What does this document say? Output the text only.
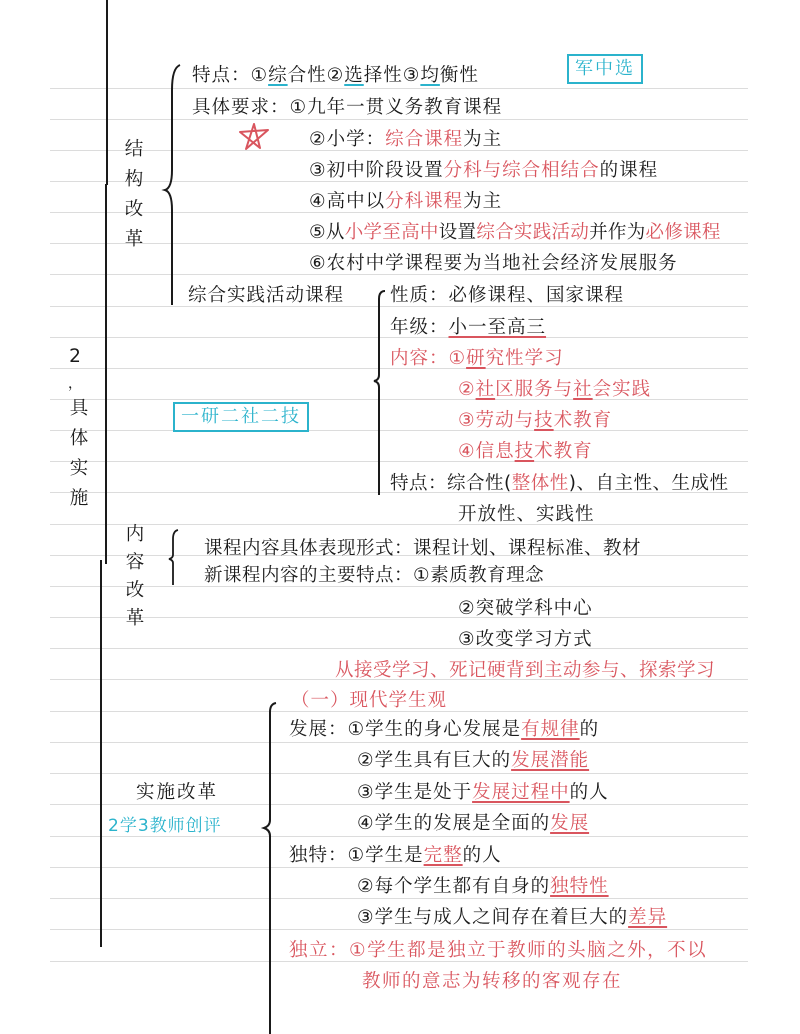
2
，
具
体
实
施
结
构
改
革
特点：①综合性②选择性③均衡性	军中选
具体要求：①九年一贯义务教育课程
②小学：综合课程为主
③初中阶段设置分科与综合相结合的课程
④高中以分科课程为主
⑤从小学至高中设置综合实践活动并作为必修课程
⑥农村中学课程要为当地社会经济发展服务
综合实践活动课程 性质：必修课程、国家课程
年级：小一至高三
内容：①研究性学习
②社区服务与社会实践
③劳动与技术教育
④信息技术教育
一研二社二技
特点：综合性(整体性)、自主性、生成性
开放性、实践性
内
容
改
革
课程内容具体表现形式：课程计划、课程标准、教材
新课程内容的主要特点：①素质教育理念
②突破学科中心
③改变学习方式
从接受学习、死记硬背到主动参与、探索学习
实施改革
2学3教师创评
（一）现代学生观
发展：①学生的身心发展是有规律的
②学生具有巨大的发展潜能
③学生是处于发展过程中的人
④学生的发展是全面的发展
独特：①学生是完整的人
②每个学生都有自身的独特性
③学生与成人之间存在着巨大的差异
独立：①学生都是独立于教师的头脑之外，不以
教师的意志为转移的客观存在
